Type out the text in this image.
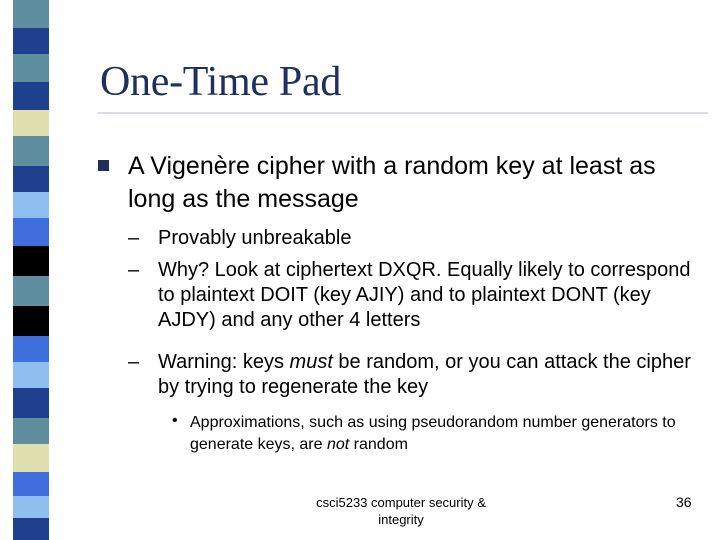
One-Time Pad
A Vigenère cipher with a random key at least as long as the message
– Provably unbreakable
– Why? Look at ciphertext DXQR. Equally likely to correspond to plaintext DOIT (key AJIY) and to plaintext DONT (key AJDY) and any other 4 letters
– Warning: keys must be random, or you can attack the cipher by trying to regenerate the key
• Approximations, such as using pseudorandom number generators to generate keys, are not random
csci5233 computer security & integrity
36
